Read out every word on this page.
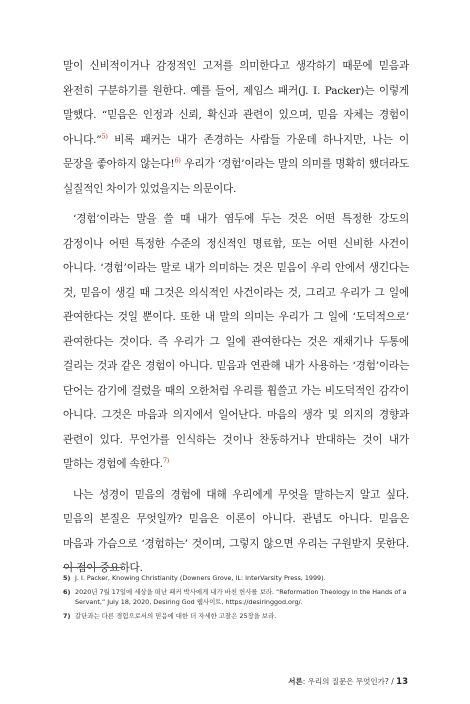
말이 신비적이거나 감정적인 고저를 의미한다고 생각하기 때문에 믿음과 완전히 구분하기를 원한다. 예를 들어, 제임스 패커(J. I. Packer)는 이렇게 말했다. “믿음은 인정과 신뢰, 확신과 관련이 있으며, 믿음 자체는 경험이 아니다.”$^{5)}$ 비록 패커는 내가 존경하는 사람들 가운데 하나지만, 나는 이 문장을 좋아하지 않는다!$^{6)}$ 우리가 ‘경험’이라는 말의 의미를 명확히 했더라도 실질적인 차이가 있었을지는 의문이다.

‘경험’이라는 말을 쓸 때 내가 염두에 두는 것은 어떤 특정한 강도의 감정이나 어떤 특정한 수준의 정신적인 명료함, 또는 어떤 신비한 사건이 아니다. ‘경험’이라는 말로 내가 의미하는 것은 믿음이 우리 안에서 생긴다는 것, 믿음이 생길 때 그것은 의식적인 사건이라는 것, 그리고 우리가 그 일에 관여한다는 것일 뿐이다. 또한 내 말의 의미는 우리가 그 일에 ‘도덕적으로’ 관여한다는 것이다. 즉 우리가 그 일에 관여한다는 것은 재채기나 두통에 걸리는 것과 같은 경험이 아니다. 믿음과 연관해 내가 사용하는 ‘경험’이라는 단어는 감기에 걸렸을 때의 오한처럼 우리를 휩쓸고 가는 비도덕적인 감각이 아니다. 그것은 마음과 의지에서 일어난다. 마음의 생각 및 의지의 경향과 관련이 있다. 무언가를 인식하는 것이나 찬동하거나 반대하는 것이 내가 말하는 경험에 속한다.$^{7)}$

나는 성경이 믿음의 경험에 대해 우리에게 무엇을 말하는지 알고 싶다. 믿음의 본질은 무엇일까? 믿음은 이론이 아니다. 관념도 아니다. 믿음은 마음과 가슴으로 ‘경험하는’ 것이며, 그렇지 않으면 우리는 구원받지 못한다. 이 점이 중요하다.

5) J. I. Packer, Knowing Christianity (Downers Grove, IL: InterVarsity Press, 1999).
6) 2020년 7월 17일에 세상을 떠난 패커 박사에게 내가 바친 헌사를 보라. “Reformation Theology in the Hands of a Servant,” July 18, 2020, Desiring God 웹사이트, https://desiringgod.org/.
7) 갈단과는 다른 경험으로서의 믿음에 대한 더 자세한 고찰은 25장을 보라.
서론: 우리의 질문은 무엇인가? / 13
